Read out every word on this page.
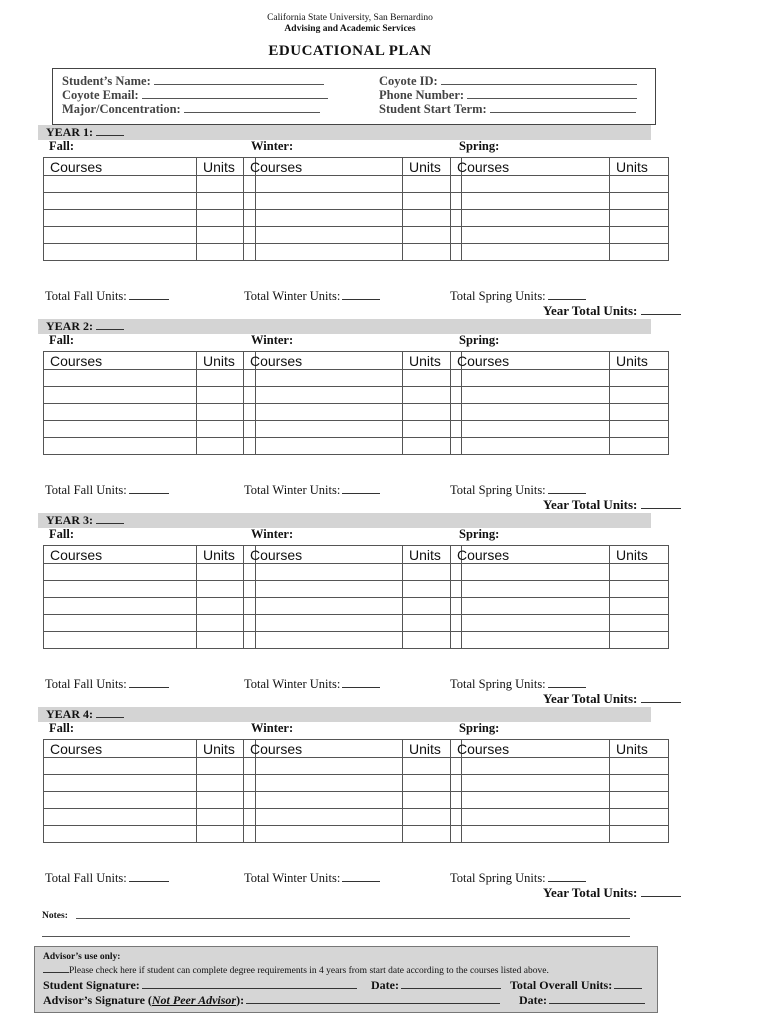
California State University, San Bernardino
Advising and Academic Services
EDUCATIONAL PLAN
Student’s Name:
Coyote Email:
Major/Concentration:
Coyote ID:
Phone Number:
Student Start Term:
YEAR 1:
Fall:
Courses	Units

Total Fall Units:
Winter:
Courses	Units

Total Winter Units:
Spring:
Courses	Units

Total Spring Units:
Year Total Units:
YEAR 2:
Fall:
Courses	Units

Total Fall Units:
Winter:
Courses	Units

Total Winter Units:
Spring:
Courses	Units

Total Spring Units:
Year Total Units:
YEAR 3:
Fall:
Courses	Units

Total Fall Units:
Winter:
Courses	Units

Total Winter Units:
Spring:
Courses	Units

Total Spring Units:
Year Total Units:
YEAR 4:
Fall:
Courses	Units

Total Fall Units:
Winter:
Courses	Units

Total Winter Units:
Spring:
Courses	Units

Total Spring Units:
Year Total Units:
Notes:
Advisor’s use only:
Please check here if student can complete degree requirements in 4 years from start date according to the courses listed above.
Student Signature:	Date:	Total Overall Units:
Advisor’s Signature (Not Peer Advisor):	Date:
